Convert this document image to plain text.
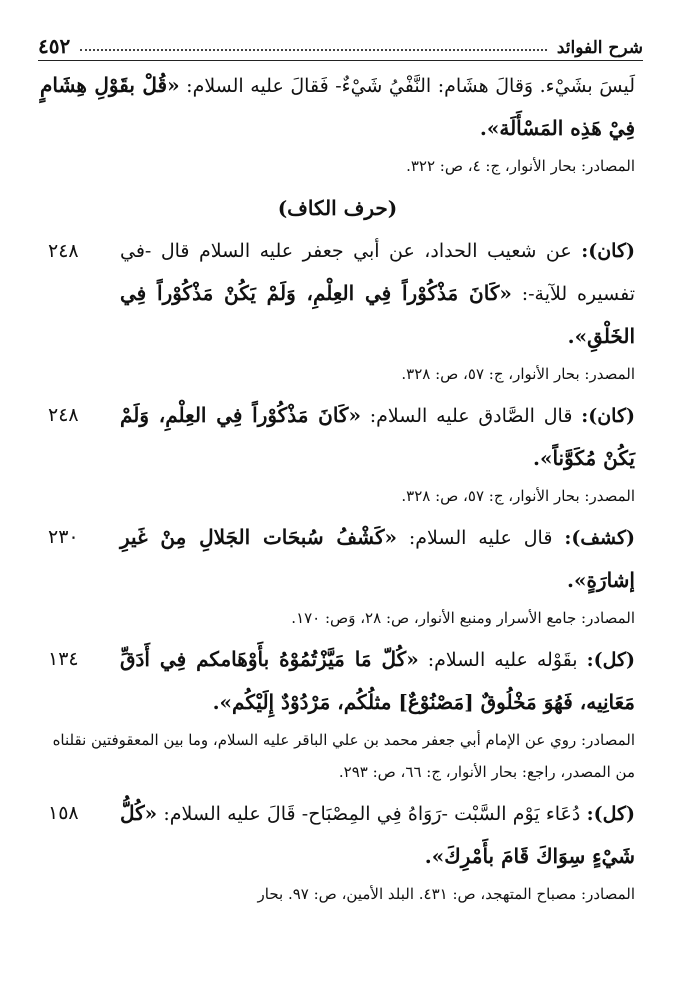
شرح الفوائد
٤٥٢
لَيسَ بشَيْء. وَقالَ هشَام: النَّفْيُ شَيْءٌ- فَقالَ عليه السلام: «قُلْ بقَوْلِ هِشَامٍ فِيْ هَذِه المَسْأَلَة».
المصادر: بحار الأنوار، ج: ٤، ص: ٣٢٢.
(حرف الكاف)
٢٤٨	(كان): عن شعيب الحداد، عن أبي جعفر عليه السلام قال -في تفسيره للآية-: «كَانَ مَذْكُوْراً فِي العِلْمِ، وَلَمْ يَكُنْ مَذْكُوْراً فِي الخَلْقِ».
المصدر: بحار الأنوار، ج: ٥٧، ص: ٣٢٨.
٢٤٨	(كان): قال الصَّادق عليه السلام: «كَانَ مَذْكُوْراً فِي العِلْمِ، وَلَمْ يَكُنْ مُكَوَّناً».
المصدر: بحار الأنوار، ج: ٥٧، ص: ٣٢٨.
٢٣٠	(كشف): قال عليه السلام: «كَشْفُ سُبحَات الجَلالِ مِنْ غَيرِ إشارَةٍ».
المصادر: جامع الأسرار ومنبع الأنوار، ص: ٢٨، وَص: ١٧٠.
١٣٤	(كل): بقَوْله عليه السلام: «كُلّ مَا مَيَّزْتُمُوْهُ بأَوْهَامكم فِي أَدَقِّ مَعَانِيه، فَهُوَ مَخْلُوقٌ [مَصْنُوْعٌ] مثلُكُم، مَرْدُوْدٌ إِلَيْكُم».
المصادر: روي عن الإمام أبي جعفر محمد بن علي الباقر عليه السلام، وما بين المعقوفتين نقلناه من المصدر، راجع: بحار الأنوار، ج: ٦٦، ص: ٢٩٣.
١٥٨	(كل): دُعَاء يَوْم السَّبْت -رَوَاهُ فِي المِصْبَاح- قَالَ عليه السلام: «كُلُّ شَيْءٍ سِوَاكَ قَامَ بأَمْرِكَ».
المصادر: مصباح المتهجد، ص: ٤٣١. البلد الأمين، ص: ٩٧. بحار
